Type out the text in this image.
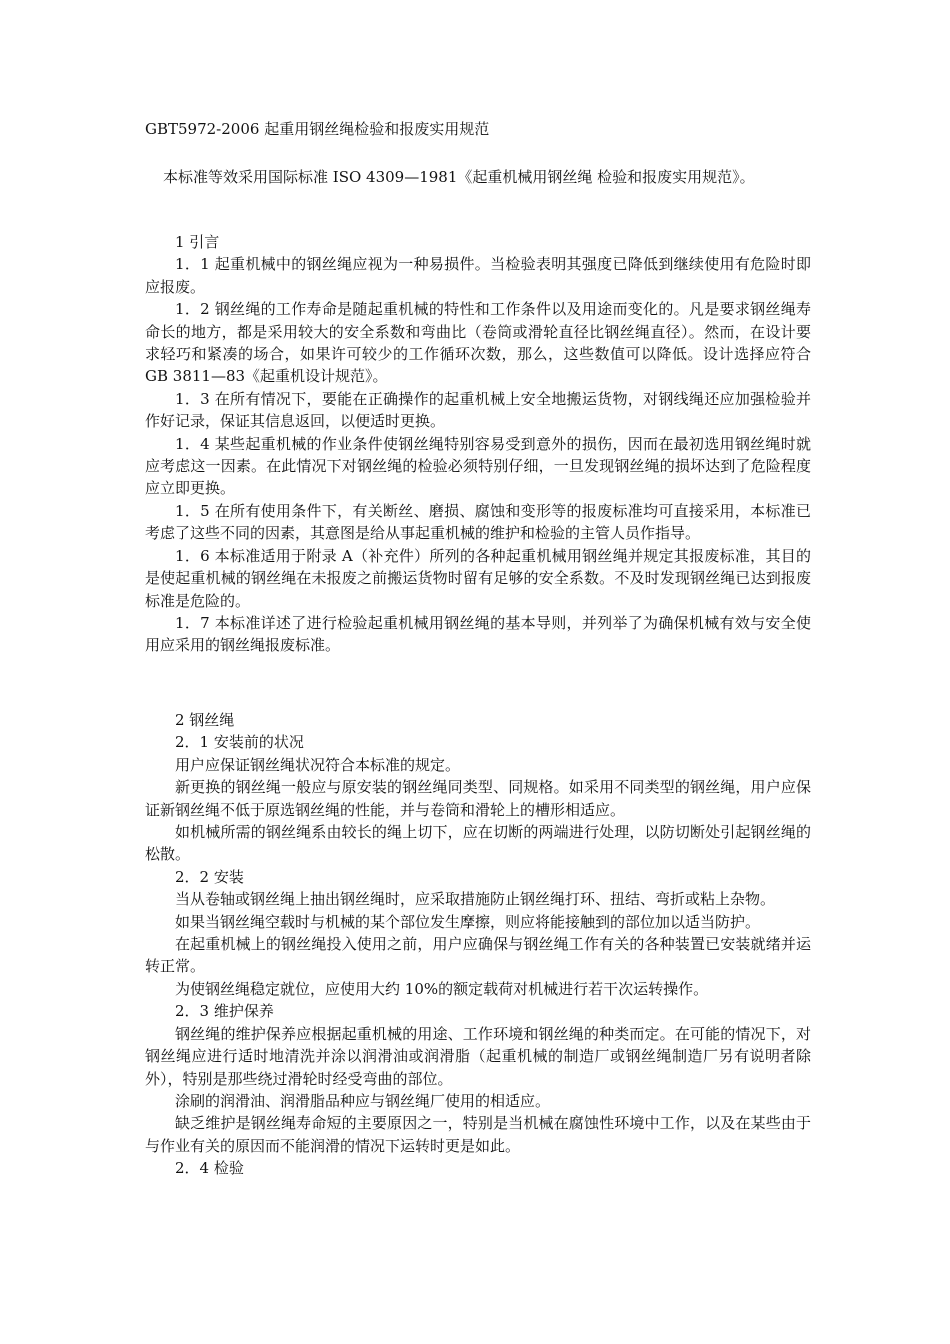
GBT5972-2006 起重用钢丝绳检验和报废实用规范
本标准等效采用国际标准 ISO 4309—1981《起重机械用钢丝绳 检验和报废实用规范》。

1 引言

1．1 起重机械中的钢丝绳应视为一种易损件。当检验表明其强度已降低到继续使用有危险时即应报废。

1．2 钢丝绳的工作寿命是随起重机械的特性和工作条件以及用途而变化的。凡是要求钢丝绳寿命长的地方，都是采用较大的安全系数和弯曲比（卷筒或滑轮直径比钢丝绳直径）。然而，在设计要求轻巧和紧凑的场合，如果许可较少的工作循环次数，那么，这些数值可以降低。设计选择应符合 GB 3811—83《起重机设计规范》。

1．3 在所有情况下，要能在正确操作的起重机械上安全地搬运货物，对钢线绳还应加强检验并作好记录，保证其信息返回，以便适时更换。

1．4 某些起重机械的作业条件使钢丝绳特别容易受到意外的损伤，因而在最初选用钢丝绳时就应考虑这一因素。在此情况下对钢丝绳的检验必须特别仔细，一旦发现钢丝绳的损坏达到了危险程度应立即更换。

1．5 在所有使用条件下，有关断丝、磨损、腐蚀和变形等的报废标准均可直接采用，本标准已考虑了这些不同的因素，其意图是给从事起重机械的维护和检验的主管人员作指导。

1．6 本标准适用于附录 A（补充件）所列的各种起重机械用钢丝绳并规定其报废标准，其目的是使起重机械的钢丝绳在未报废之前搬运货物时留有足够的安全系数。不及时发现钢丝绳已达到报废标准是危险的。

1．7 本标准详述了进行检验起重机械用钢丝绳的基本导则，并列举了为确保机械有效与安全使用应采用的钢丝绳报废标准。

2 钢丝绳

2．1 安装前的状况

用户应保证钢丝绳状况符合本标准的规定。

新更换的钢丝绳一般应与原安装的钢丝绳同类型、同规格。如采用不同类型的钢丝绳，用户应保证新钢丝绳不低于原选钢丝绳的性能，并与卷筒和滑轮上的槽形相适应。

如机械所需的钢丝绳系由较长的绳上切下，应在切断的两端进行处理，以防切断处引起钢丝绳的松散。

2．2 安装

当从卷轴或钢丝绳上抽出钢丝绳时，应采取措施防止钢丝绳打环、扭结、弯折或粘上杂物。

如果当钢丝绳空载时与机械的某个部位发生摩擦，则应将能接触到的部位加以适当防护。

在起重机械上的钢丝绳投入使用之前，用户应确保与钢丝绳工作有关的各种装置已安装就绪并运转正常。

为使钢丝绳稳定就位，应使用大约 10%的额定载荷对机械进行若干次运转操作。

2．3 维护保养

钢丝绳的维护保养应根据起重机械的用途、工作环境和钢丝绳的种类而定。在可能的情况下，对钢丝绳应进行适时地清洗并涂以润滑油或润滑脂（起重机械的制造厂或钢丝绳制造厂另有说明者除外），特别是那些绕过滑轮时经受弯曲的部位。

涂刷的润滑油、润滑脂品种应与钢丝绳厂使用的相适应。

缺乏维护是钢丝绳寿命短的主要原因之一，特别是当机械在腐蚀性环境中工作，以及在某些由于与作业有关的原因而不能润滑的情况下运转时更是如此。

2．4 检验
